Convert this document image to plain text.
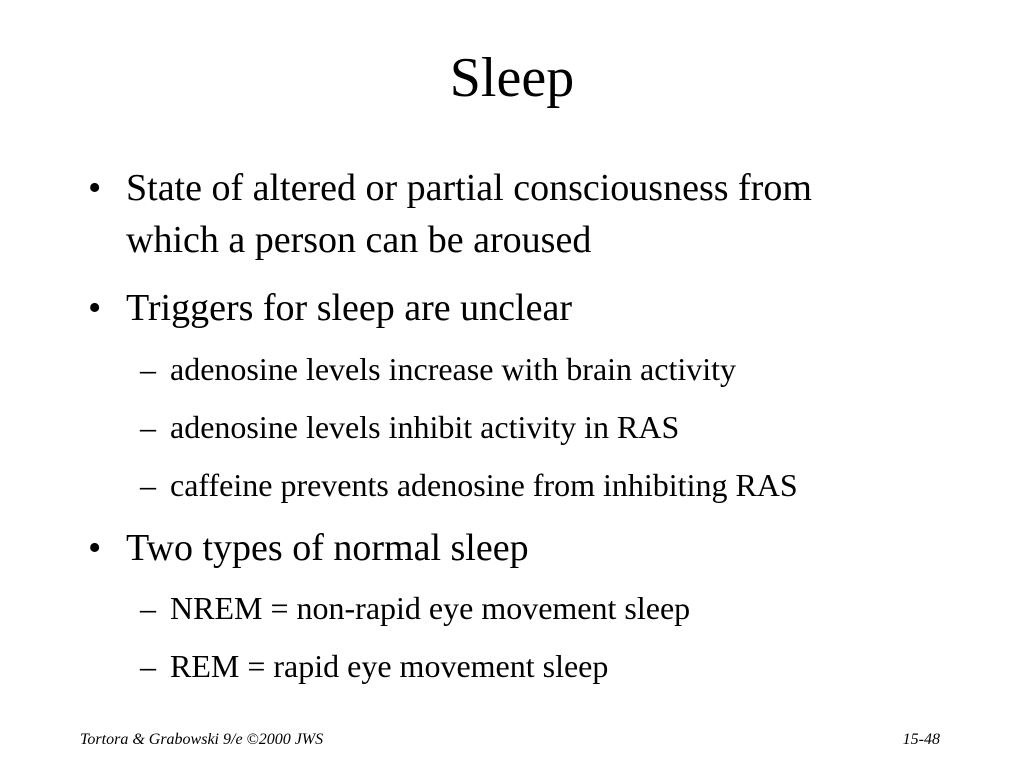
Sleep
• State of altered or partial consciousness from
which a person can be aroused
• Triggers for sleep are unclear
– adenosine levels increase with brain activity
– adenosine levels inhibit activity in RAS
– caffeine prevents adenosine from inhibiting RAS
• Two types of normal sleep
– NREM = non-rapid eye movement sleep
– REM = rapid eye movement sleep
Tortora & Grabowski 9/e ©2000 JWS	15-48
